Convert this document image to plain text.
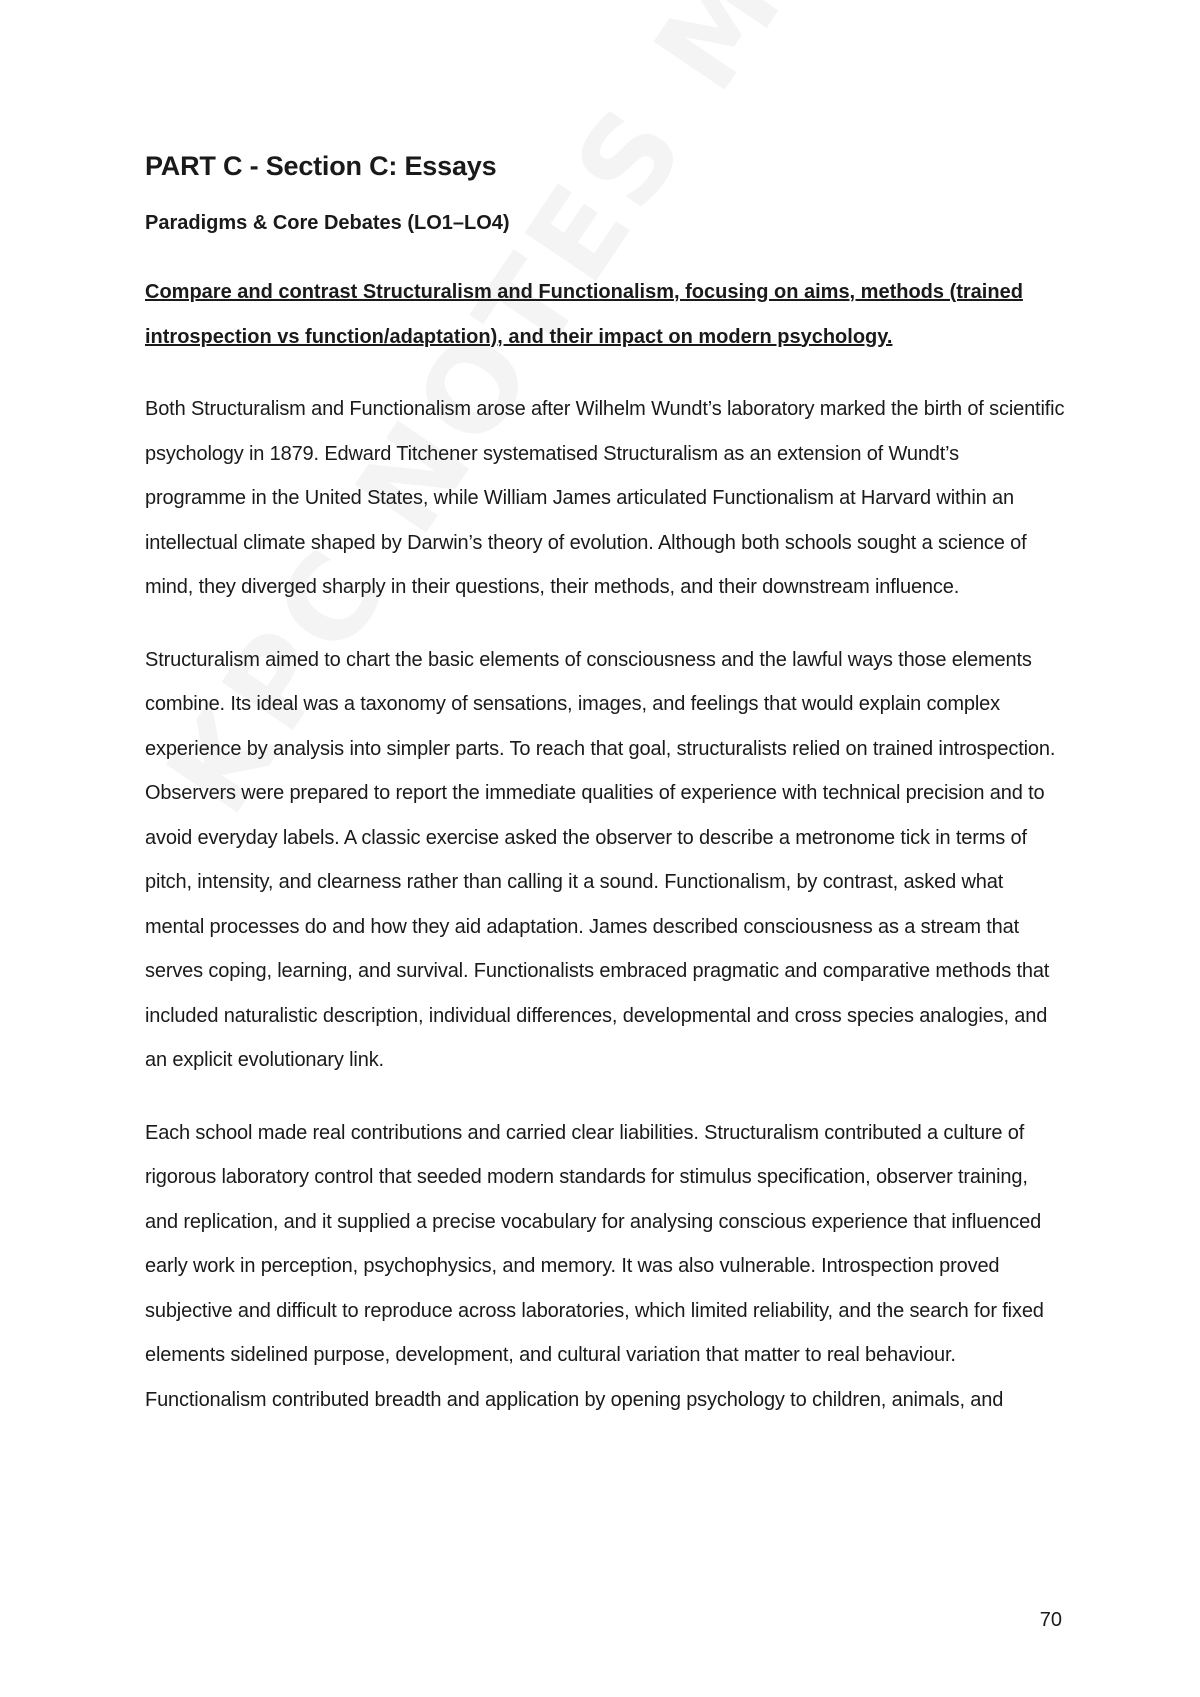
PART C - Section C: Essays
Paradigms & Core Debates (LO1–LO4)

Compare and contrast Structuralism and Functionalism, focusing on aims, methods (trained introspection vs function/adaptation), and their impact on modern psychology.

Both Structuralism and Functionalism arose after Wilhelm Wundt’s laboratory marked the birth of scientific psychology in 1879. Edward Titchener systematised Structuralism as an extension of Wundt’s programme in the United States, while William James articulated Functionalism at Harvard within an intellectual climate shaped by Darwin’s theory of evolution. Although both schools sought a science of mind, they diverged sharply in their questions, their methods, and their downstream influence.

Structuralism aimed to chart the basic elements of consciousness and the lawful ways those elements combine. Its ideal was a taxonomy of sensations, images, and feelings that would explain complex experience by analysis into simpler parts. To reach that goal, structuralists relied on trained introspection. Observers were prepared to report the immediate qualities of experience with technical precision and to avoid everyday labels. A classic exercise asked the observer to describe a metronome tick in terms of pitch, intensity, and clearness rather than calling it a sound. Functionalism, by contrast, asked what mental processes do and how they aid adaptation. James described consciousness as a stream that serves coping, learning, and survival. Functionalists embraced pragmatic and comparative methods that included naturalistic description, individual differences, developmental and cross species analogies, and an explicit evolutionary link.

Each school made real contributions and carried clear liabilities. Structuralism contributed a culture of rigorous laboratory control that seeded modern standards for stimulus specification, observer training, and replication, and it supplied a precise vocabulary for analysing conscious experience that influenced early work in perception, psychophysics, and memory. It was also vulnerable. Introspection proved subjective and difficult to reproduce across laboratories, which limited reliability, and the search for fixed elements sidelined purpose, development, and cultural variation that matter to real behaviour. Functionalism contributed breadth and application by opening psychology to children, animals, and

70
